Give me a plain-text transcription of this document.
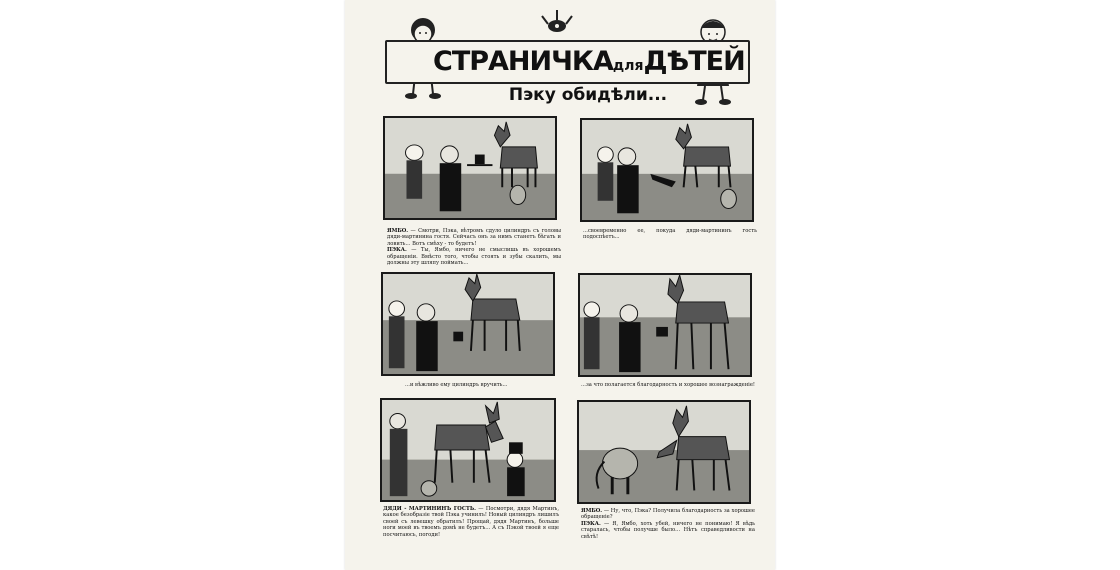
СТРАНИЧКАдляДѢТЕЙ
Пэку обидѣли...
ЯМБО. — Смотри, Пэка, вѣтромъ сдуло цилиндръ съ головы дяди-мартинина гостя. Сейчасъ онъ за нимъ станетъ бѣгать и ловить... Вотъ смѣху - то будетъ!
ПЭКА. — Ты, Ямбо, ничего не смыслишь въ хорошемъ обращеніи. Вмѣсто того, чтобы стоять и зубы скалить, мы должны эту шляпу поймать...
...своевременно ее, покуда дяди-мартининъ гость подоспѣетъ...
...и вѣжливо ему цилиндръ вручить...	...за что полагается благодарность и хорошее вознагражденіе!
ДЯДИ - МАРТИНИНЪ ГОСТЬ. — Посмотри, дядя Мартинъ, какое безобразіе твой Пэка учинилъ! Новый цилиндръ лишилъ своей съ левешку обратилъ! Прощай, дядя Мартинъ, больше ноги моей въ твоемъ домѣ не будетъ... А съ Пэкой твоей я еще посчитаюсь, погоди!
ЯМБО. — Ну, что, Пэка? Получила благодарность за хорошее обращеніе?
ПЭКА. — Я, Ямбо, хоть убей, ничего не понимаю! Я вѣдь старалась, чтобы получше было... Нѣтъ справедливости на свѣтѣ!
